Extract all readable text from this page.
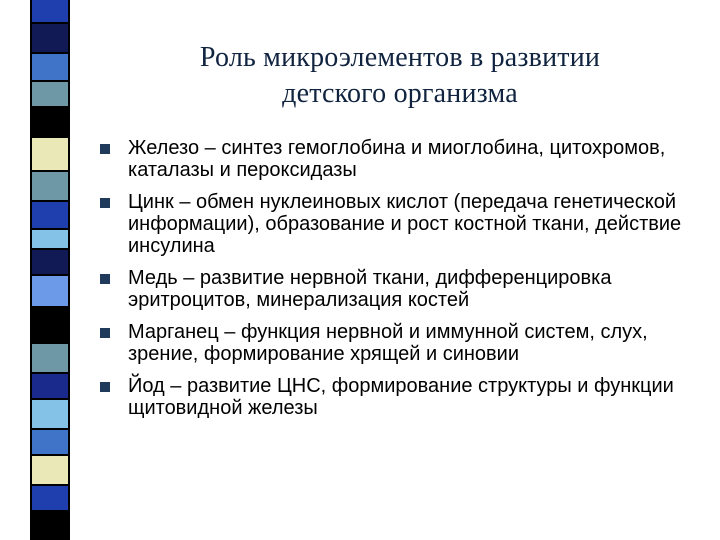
Роль микроэлементов в развитии
детского организма
Железо – синтез гемоглобина и миоглобина, цитохромов, каталазы и пероксидазы
Цинк – обмен нуклеиновых кислот (передача генетической информации), образование и рост костной ткани, действие инсулина
Медь – развитие нервной ткани, дифференцировка эритроцитов, минерализация костей
Марганец – функция нервной и иммунной систем, слух, зрение, формирование хрящей и синовии
Йод – развитие ЦНС, формирование структуры и функции щитовидной железы
